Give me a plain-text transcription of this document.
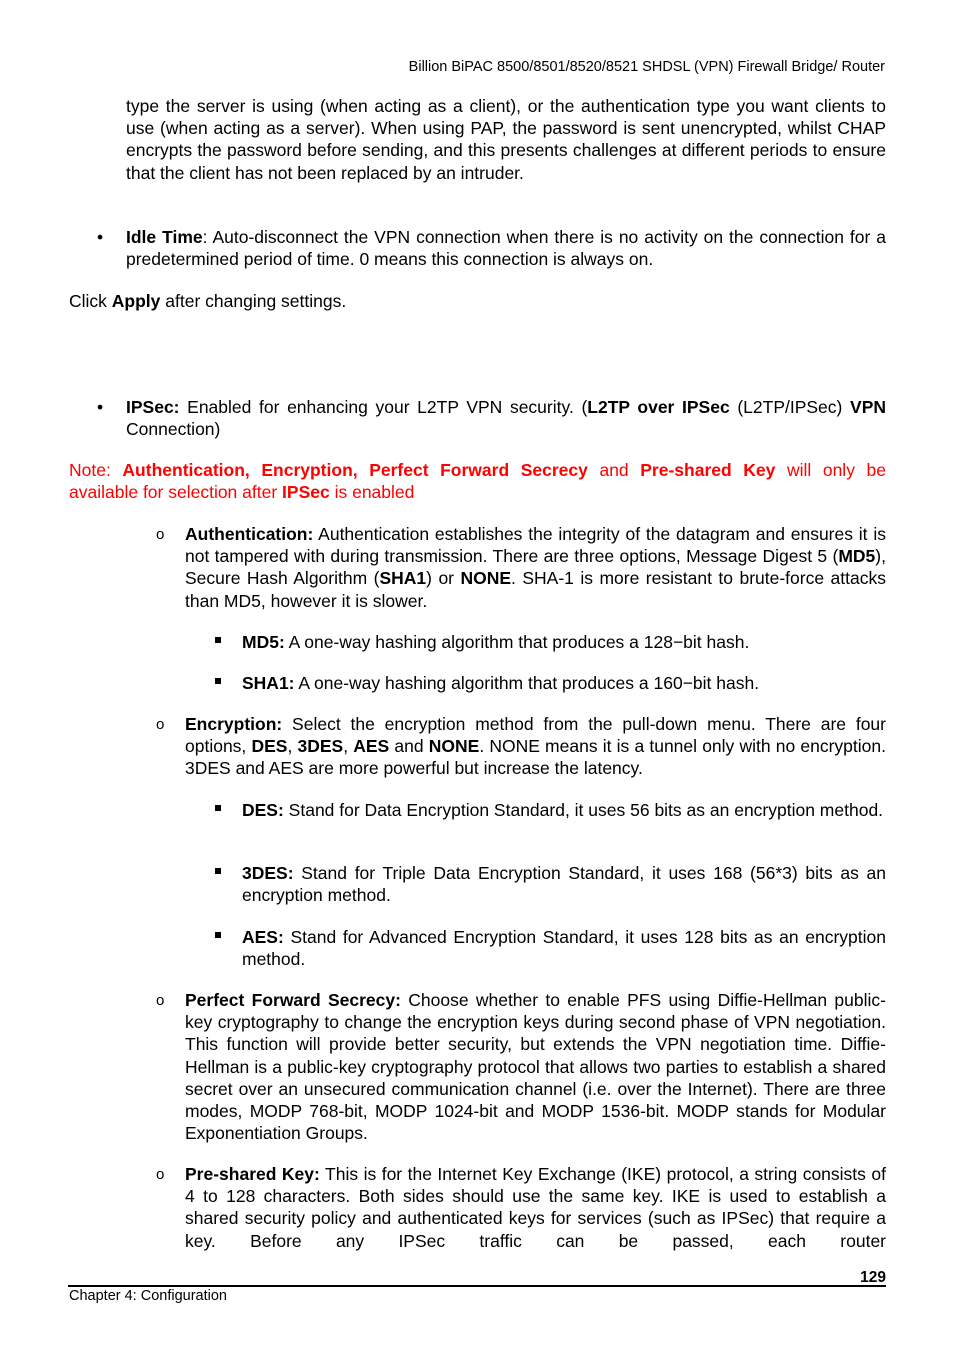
Billion BiPAC 8500/8501/8520/8521 SHDSL (VPN) Firewall Bridge/ Router

type the server is using (when acting as a client), or the authentication type you want clients to use (when acting as a server). When using PAP, the password is sent unencrypted, whilst CHAP encrypts the password before sending, and this presents challenges at different periods to ensure that the client has not been replaced by an intruder.

• Idle Time: Auto-disconnect the VPN connection when there is no activity on the connection for a predetermined period of time. 0 means this connection is always on.

Click Apply after changing settings.

• IPSec: Enabled for enhancing your L2TP VPN security. (L2TP over IPSec (L2TP/IPSec) VPN Connection)

Note: Authentication, Encryption, Perfect Forward Secrecy and Pre-shared Key will only be available for selection after IPSec is enabled

o Authentication: Authentication establishes the integrity of the datagram and ensures it is not tampered with during transmission. There are three options, Message Digest 5 (MD5), Secure Hash Algorithm (SHA1) or NONE. SHA-1 is more resistant to brute-force attacks than MD5, however it is slower.

MD5: A one-way hashing algorithm that produces a 128−bit hash.

SHA1: A one-way hashing algorithm that produces a 160−bit hash.

o Encryption: Select the encryption method from the pull-down menu. There are four options, DES, 3DES, AES and NONE. NONE means it is a tunnel only with no encryption. 3DES and AES are more powerful but increase the latency.

DES: Stand for Data Encryption Standard, it uses 56 bits as an encryption method.

3DES: Stand for Triple Data Encryption Standard, it uses 168 (56*3) bits as an encryption method.

AES: Stand for Advanced Encryption Standard, it uses 128 bits as an encryption method.

o Perfect Forward Secrecy: Choose whether to enable PFS using Diffie-Hellman public-key cryptography to change the encryption keys during second phase of VPN negotiation. This function will provide better security, but extends the VPN negotiation time. Diffie-Hellman is a public-key cryptography protocol that allows two parties to establish a shared secret over an unsecured communication channel (i.e. over the Internet). There are three modes, MODP 768-bit, MODP 1024-bit and MODP 1536-bit. MODP stands for Modular Exponentiation Groups.

o Pre-shared Key: This is for the Internet Key Exchange (IKE) protocol, a string consists of 4 to 128 characters. Both sides should use the same key. IKE is used to establish a shared security policy and authenticated keys for services (such as IPSec) that require a key. Before any IPSec traffic can be passed, each router

129
Chapter 4: Configuration
